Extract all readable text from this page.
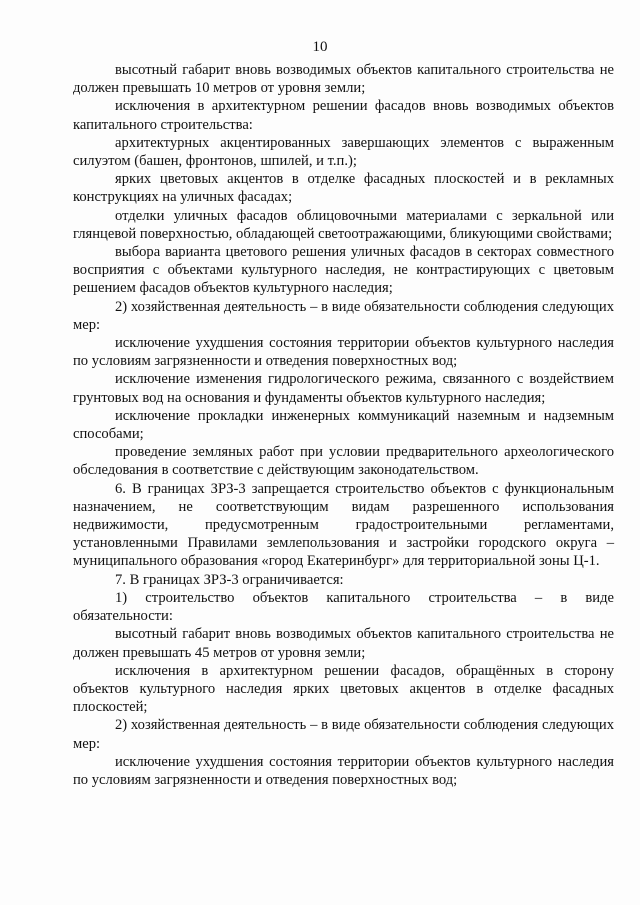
10

высотный габарит вновь возводимых объектов капитального строительства не должен превышать 10 метров от уровня земли;

исключения в архитектурном решении фасадов вновь возводимых объектов капитального строительства:

архитектурных акцентированных завершающих элементов с выраженным силуэтом (башен, фронтонов, шпилей, и т.п.);

ярких цветовых акцентов в отделке фасадных плоскостей и в рекламных конструкциях на уличных фасадах;

отделки уличных фасадов облицовочными материалами с зеркальной или глянцевой поверхностью, обладающей светоотражающими, бликующими свойствами;

выбора варианта цветового решения уличных фасадов в секторах совместного восприятия с объектами культурного наследия, не контрастирующих с цветовым решением фасадов объектов культурного наследия;

2) хозяйственная деятельность – в виде обязательности соблюдения следующих мер:

исключение ухудшения состояния территории объектов культурного наследия по условиям загрязненности и отведения поверхностных вод;

исключение изменения гидрологического режима, связанного с воздействием грунтовых вод на основания и фундаменты объектов культурного наследия;

исключение прокладки инженерных коммуникаций наземным и надземным способами;

проведение земляных работ при условии предварительного археологического обследования в соответствие с действующим законодательством.

6. В границах ЗРЗ-3 запрещается строительство объектов с функциональным назначением, не соответствующим видам разрешенного использования недвижимости, предусмотренным градостроительными регламентами, установленными Правилами землепользования и застройки городского округа – муниципального образования «город Екатеринбург» для территориальной зоны Ц-1.

7. В границах ЗРЗ-3 ограничивается:

1) строительство объектов капитального строительства – в виде обязательности:

высотный габарит вновь возводимых объектов капитального строительства не должен превышать 45 метров от уровня земли;

исключения в архитектурном решении фасадов, обращённых в сторону объектов культурного наследия ярких цветовых акцентов в отделке фасадных плоскостей;

2) хозяйственная деятельность – в виде обязательности соблюдения следующих мер:

исключение ухудшения состояния территории объектов культурного наследия по условиям загрязненности и отведения поверхностных вод;
